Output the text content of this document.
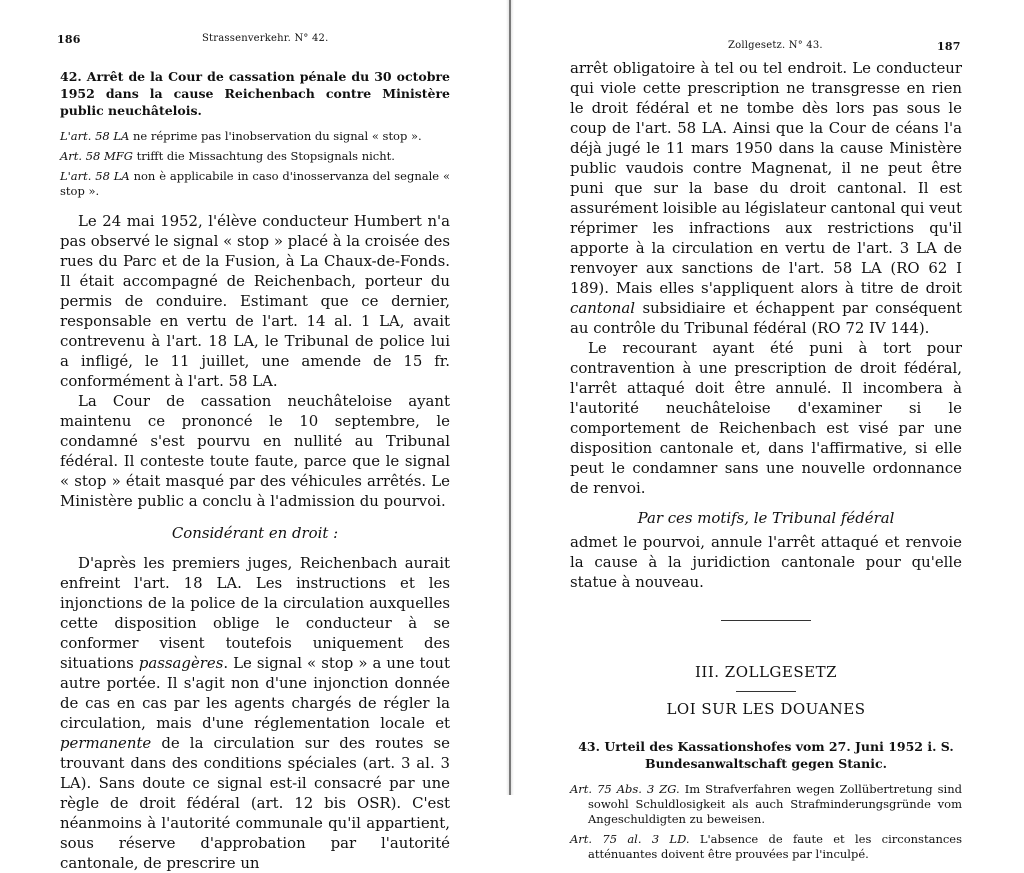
186	Strassenverkehr. N° 42.

42. Arrêt de la Cour de cassation pénale du 30 octobre 1952 dans la cause Reichenbach contre Ministère public neuchâtelois.

L'art. 58 LA ne réprime pas l'inobservation du signal « stop ».

Art. 58 MFG trifft die Missachtung des Stopsignals nicht.

L'art. 58 LA non è applicabile in caso d'inosservanza del segnale « stop ».

Le 24 mai 1952, l'élève conducteur Humbert n'a pas observé le signal « stop » placé à la croisée des rues du Parc et de la Fusion, à La Chaux-de-Fonds. Il était accompagné de Reichenbach, porteur du permis de conduire. Estimant que ce dernier, responsable en vertu de l'art. 14 al. 1 LA, avait contrevenu à l'art. 18 LA, le Tribunal de police lui a infligé, le 11 juillet, une amende de 15 fr. conformément à l'art. 58 LA.

La Cour de cassation neuchâteloise ayant maintenu ce prononcé le 10 septembre, le condamné s'est pourvu en nullité au Tribunal fédéral. Il conteste toute faute, parce que le signal « stop » était masqué par des véhicules arrêtés. Le Ministère public a conclu à l'admission du pourvoi.

Considérant en droit :

D'après les premiers juges, Reichenbach aurait enfreint l'art. 18 LA. Les instructions et les injonctions de la police de la circulation auxquelles cette disposition oblige le conducteur à se conformer visent toutefois uniquement des situations passagères. Le signal « stop » a une tout autre portée. Il s'agit non d'une injonction donnée de cas en cas par les agents chargés de régler la circulation, mais d'une réglementation locale et permanente de la circulation sur des routes se trouvant dans des conditions spéciales (art. 3 al. 3 LA). Sans doute ce signal est-il consacré par une règle de droit fédéral (art. 12 bis OSR). C'est néanmoins à l'autorité communale qu'il appartient, sous réserve d'approbation par l'autorité cantonale, de prescrire un

Zollgesetz. N° 43.	187

arrêt obligatoire à tel ou tel endroit. Le conducteur qui viole cette prescription ne transgresse en rien le droit fédéral et ne tombe dès lors pas sous le coup de l'art. 58 LA. Ainsi que la Cour de céans l'a déjà jugé le 11 mars 1950 dans la cause Ministère public vaudois contre Magnenat, il ne peut être puni que sur la base du droit cantonal. Il est assurément loisible au législateur cantonal qui veut réprimer les infractions aux restrictions qu'il apporte à la circulation en vertu de l'art. 3 LA de renvoyer aux sanctions de l'art. 58 LA (RO 62 I 189). Mais elles s'appliquent alors à titre de droit cantonal subsidiaire et échappent par conséquent au contrôle du Tribunal fédéral (RO 72 IV 144).

Le recourant ayant été puni à tort pour contravention à une prescription de droit fédéral, l'arrêt attaqué doit être annulé. Il incombera à l'autorité neuchâteloise d'examiner si le comportement de Reichenbach est visé par une disposition cantonale et, dans l'affirmative, si elle peut le condamner sans une nouvelle ordonnance de renvoi.

Par ces motifs, le Tribunal fédéral

admet le pourvoi, annule l'arrêt attaqué et renvoie la cause à la juridiction cantonale pour qu'elle statue à nouveau.

III. ZOLLGESETZ

LOI SUR LES DOUANES

43. Urteil des Kassationshofes vom 27. Juni 1952 i. S. Bundesanwaltschaft gegen Stanic.

Art. 75 Abs. 3 ZG. Im Strafverfahren wegen Zollübertretung sind sowohl Schuldlosigkeit als auch Strafminderungsgründe vom Angeschuldigten zu beweisen.

Art. 75 al. 3 LD. L'absence de faute et les circonstances atténuantes doivent être prouvées par l'inculpé.
